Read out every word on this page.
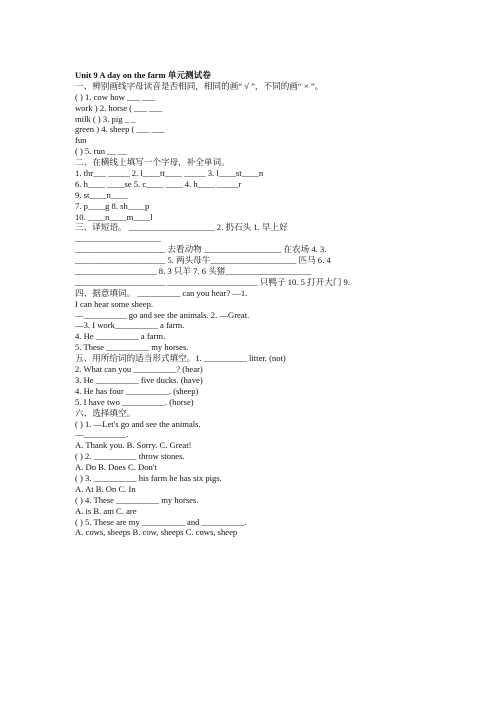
Unit 9 A day on the farm 单元测试卷
一、辨别画线字母读音是否相同，相同的画“ √ ”，不同的画“ × ”。
( ) 1. cow how ___ ___
work ) 2. horse ( ___ ___
milk ( ) 3. pig _ _
green ) 4. sheep ( ___ ___
fun
( ) 5. run __ __
二、在横线上填写一个字母，补全单词。
1. thr___ _____ 2. l____tt____ _____ 3. l____st____n
6. h____ ____se 5. c____ ____ 4. h____ _____r
9. st____n____
7. p____g 8. sh____p
10. ____n____m____l
三、译短语。 ____________________ 2. 扔石头 1. 早上好
____________________
_____________________ 去看动物 __________________ 在农场 4. 3.
_____________________ 5. 两头母牛____________________ 匹马 6. 4
___________________ 8. 3 只羊 7. 6 头猪____________________
_____________________ _____________________ 只鸭子 10. 5 打开大门 9.
四、据意填词。 __________ can you hear? —1.
I can hear some sheep.
—__________ go and see the animals. 2. —Great.
—3. I work__________ a farm.
4. He __________ a farm.
5. These __________ my horses.
五、用所给词的适当形式填空。1. __________ litter. (not)
2. What can you __________? (hear)
3. He __________ five ducks. (have)
4. He has four __________. (sheep)
5. I have two __________. (horse)
六、选择填空。
( ) 1. —Let's go and see the animals.
—__________.
A. Thank you. B. Sorry. C. Great!
( ) 2. __________ throw stones.
A. Do B. Does C. Don't
( ) 3. __________ his farm he has six pigs.
A. At B. On C. In
( ) 4. These __________ my horses.
A. is B. am C. are
( ) 5. These are my __________ and __________.
A. cows, sheeps B. cow, sheeps C. cows, sheep
